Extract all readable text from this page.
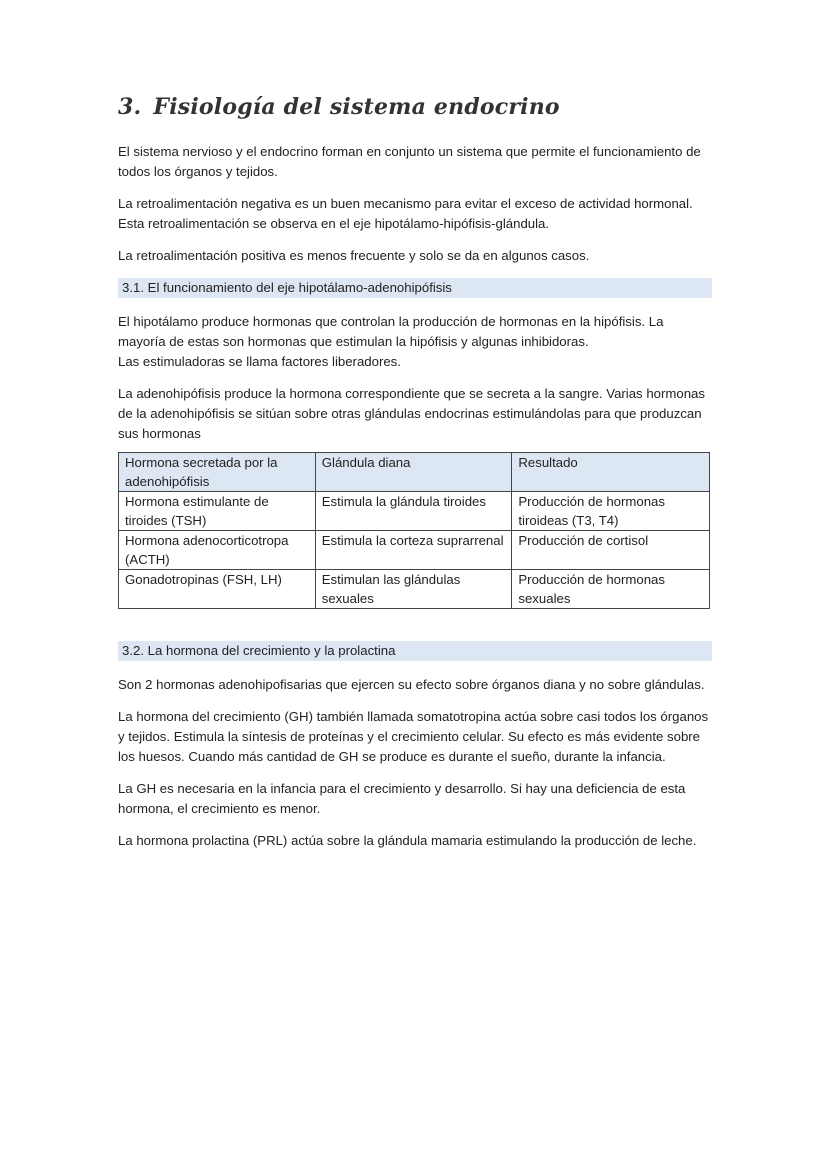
3. Fisiología del sistema endocrino

El sistema nervioso y el endocrino forman en conjunto un sistema que permite el funcionamiento de todos los órganos y tejidos.

La retroalimentación negativa es un buen mecanismo para evitar el exceso de actividad hormonal. Esta retroalimentación se observa en el eje hipotálamo-hipófisis-glándula.

La retroalimentación positiva es menos frecuente y solo se da en algunos casos.

3.1. El funcionamiento del eje hipotálamo-adenohipófisis

El hipotálamo produce hormonas que controlan la producción de hormonas en la hipófisis. La mayoría de estas son hormonas que estimulan la hipófisis y algunas inhibidoras.
Las estimuladoras se llama factores liberadores.

La adenohipófisis produce la hormona correspondiente que se secreta a la sangre. Varias hormonas de la adenohipófisis se sitúan sobre otras glándulas endocrinas estimulándolas para que produzcan sus hormonas

Hormona secretada por la adenohipófisis	Glándula diana	Resultado
Hormona estimulante de tiroides (TSH)	Estimula la glándula tiroides	Producción de hormonas tiroideas (T3, T4)
Hormona adenocorticotropa (ACTH)	Estimula la corteza suprarrenal	Producción de cortisol
Gonadotropinas (FSH, LH)	Estimulan las glándulas sexuales	Producción de hormonas sexuales
3.2. La hormona del crecimiento y la prolactina

Son 2 hormonas adenohipofisarias que ejercen su efecto sobre órganos diana y no sobre glándulas.

La hormona del crecimiento (GH) también llamada somatotropina actúa sobre casi todos los órganos y tejidos. Estimula la síntesis de proteínas y el crecimiento celular. Su efecto es más evidente sobre los huesos. Cuando más cantidad de GH se produce es durante el sueño, durante la infancia.

La GH es necesaria en la infancia para el crecimiento y desarrollo. Si hay una deficiencia de esta hormona, el crecimiento es menor.

La hormona prolactina (PRL) actúa sobre la glándula mamaria estimulando la producción de leche.
